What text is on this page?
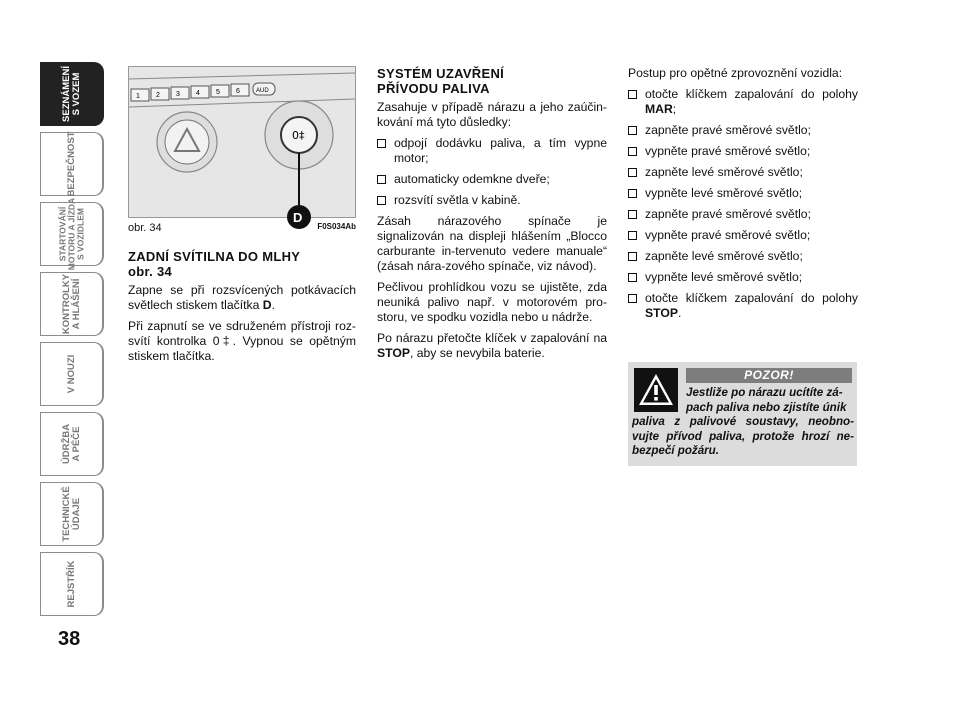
SEZNÁMENÍ
S VOZEM
BEZPEČNOST
STARTOVÁNÍ
MOTORU A JÍZDA
S VOZIDLEM
KONTROLKY
A HLÁŠENÍ
V NOUZI
ÚDRŽBA
A PÉČE
TECHNICKÉ
ÚDAJE
REJSTŘÍK
38
1 2 3 4 5 6	AUD
0‡
D
obr. 34	F0S034Ab
ZADNÍ SVÍTILNA DO MLHY
obr. 34

Zapne se při rozsvícených potkávacích světlech stiskem tlačítka D.

Při zapnutí se ve sdruženém přístroji roz-svítí kontrolka 0‡. Vypnou se opětným stiskem tlačítka.

SYSTÉM UZAVŘENÍ
PŘÍVODU PALIVA

Zasahuje v případě nárazu a jeho zaúčin-kování má tyto důsledky:

odpojí dodávku paliva, a tím vypne motor;
automaticky odemkne dveře;
rozsvítí světla v kabině.

Zásah nárazového spínače je signalizován na displeji hlášením „Blocco carburante in-tervenuto vedere manuale“ (zásah nára-zového spínače, viz návod).

Pečlivou prohlídkou vozu se ujistěte, zda neuniká palivo např. v motorovém pro-storu, ve spodku vozidla nebo u nádrže.

Po nárazu přetočte klíček v zapalování na STOP, aby se nevybila baterie.

Postup pro opětné zprovoznění vozidla:

otočte klíčkem zapalování do polohy MAR;
zapněte pravé směrové světlo;
vypněte pravé směrové světlo;
zapněte levé směrové světlo;
vypněte levé směrové světlo;
zapněte pravé směrové světlo;
vypněte pravé směrové světlo;
zapněte levé směrové světlo;
vypněte levé směrové světlo;
otočte klíčkem zapalování do polohy STOP.
POZOR!
Jestliže po nárazu ucítíte zá-
pach paliva nebo zjistíte únik
paliva z palivové soustavy, neobno-vujte přívod paliva, protože hrozí ne-bezpečí požáru.
